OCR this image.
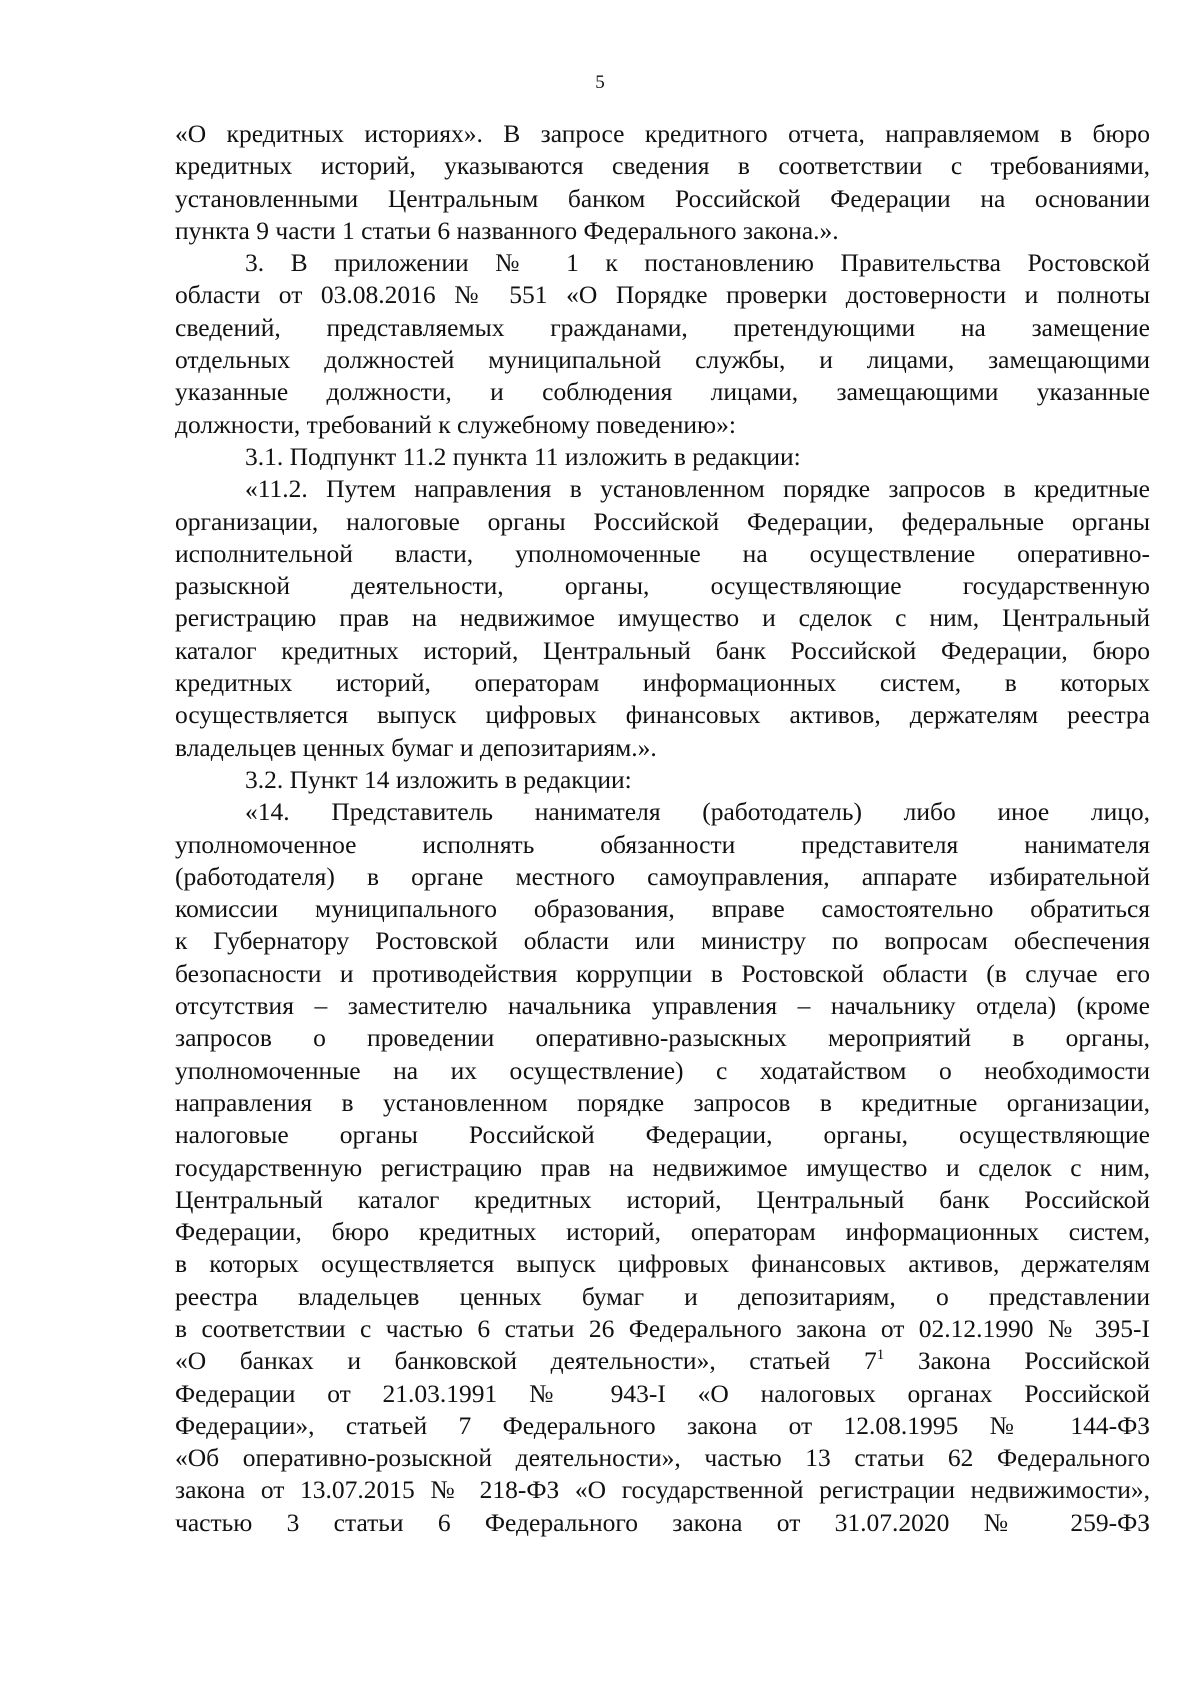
5
«О кредитных историях». В запросе кредитного отчета, направляемом в бюро
кредитных историй, указываются сведения в соответствии с требованиями,
установленными Центральным банком Российской Федерации на основании
пункта 9 части 1 статьи 6 названного Федерального закона.».
3. В приложении № 1 к постановлению Правительства Ростовской
области от 03.08.2016 № 551 «О Порядке проверки достоверности и полноты
сведений, представляемых гражданами, претендующими на замещение
отдельных должностей муниципальной службы, и лицами, замещающими
указанные должности, и соблюдения лицами, замещающими указанные
должности, требований к служебному поведению»:
3.1. Подпункт 11.2 пункта 11 изложить в редакции:
«11.2. Путем направления в установленном порядке запросов в кредитные
организации, налоговые органы Российской Федерации, федеральные органы
исполнительной власти, уполномоченные на осуществление оперативно-
разыскной деятельности, органы, осуществляющие государственную
регистрацию прав на недвижимое имущество и сделок с ним, Центральный
каталог кредитных историй, Центральный банк Российской Федерации, бюро
кредитных историй, операторам информационных систем, в которых
осуществляется выпуск цифровых финансовых активов, держателям реестра
владельцев ценных бумаг и депозитариям.».
3.2. Пункт 14 изложить в редакции:
«14. Представитель нанимателя (работодатель) либо иное лицо,
уполномоченное исполнять обязанности представителя нанимателя
(работодателя) в органе местного самоуправления, аппарате избирательной
комиссии муниципального образования, вправе самостоятельно обратиться
к Губернатору Ростовской области или министру по вопросам обеспечения
безопасности и противодействия коррупции в Ростовской области (в случае его
отсутствия – заместителю начальника управления – начальнику отдела) (кроме
запросов о проведении оперативно-разыскных мероприятий в органы,
уполномоченные на их осуществление) с ходатайством о необходимости
направления в установленном порядке запросов в кредитные организации,
налоговые органы Российской Федерации, органы, осуществляющие
государственную регистрацию прав на недвижимое имущество и сделок с ним,
Центральный каталог кредитных историй, Центральный банк Российской
Федерации, бюро кредитных историй, операторам информационных систем,
в которых осуществляется выпуск цифровых финансовых активов, держателям
реестра владельцев ценных бумаг и депозитариям, о представлении
в соответствии с частью 6 статьи 26 Федерального закона от 02.12.1990 № 395-I
«О банках и банковской деятельности», статьей $7^1$ Закона Российской
Федерации от 21.03.1991 № 943-I «О налоговых органах Российской
Федерации», статьей 7 Федерального закона от 12.08.1995 № 144-ФЗ
«Об оперативно-розыскной деятельности», частью 13 статьи 62 Федерального
закона от 13.07.2015 № 218-ФЗ «О государственной регистрации недвижимости»,
частью 3 статьи 6 Федерального закона от 31.07.2020 № 259-ФЗ
